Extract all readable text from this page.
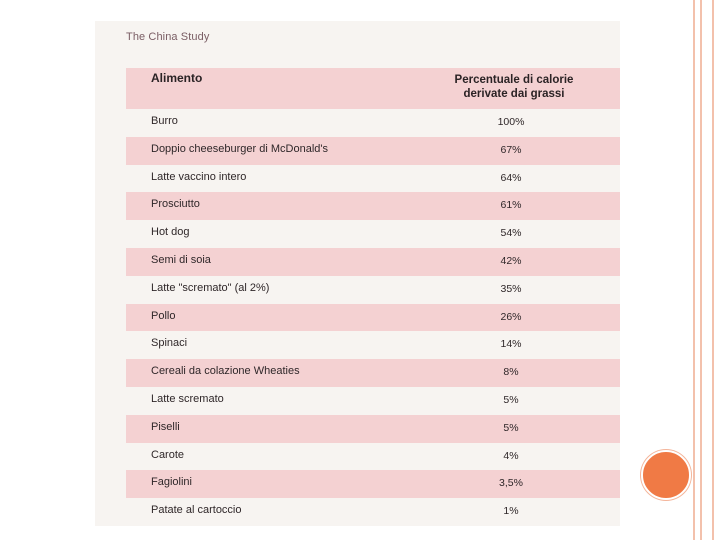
The China Study
Alimento	Percentuale di calorie
derivate dai grassi
Burro	100%
Doppio cheeseburger di McDonald's	67%
Latte vaccino intero	64%
Prosciutto	61%
Hot dog	54%
Semi di soia	42%
Latte "scremato" (al 2%)	35%
Pollo	26%
Spinaci	14%
Cereali da colazione Wheaties	8%
Latte scremato	5%
Piselli	5%
Carote	4%
Fagiolini	3,5%
Patate al cartoccio	1%
